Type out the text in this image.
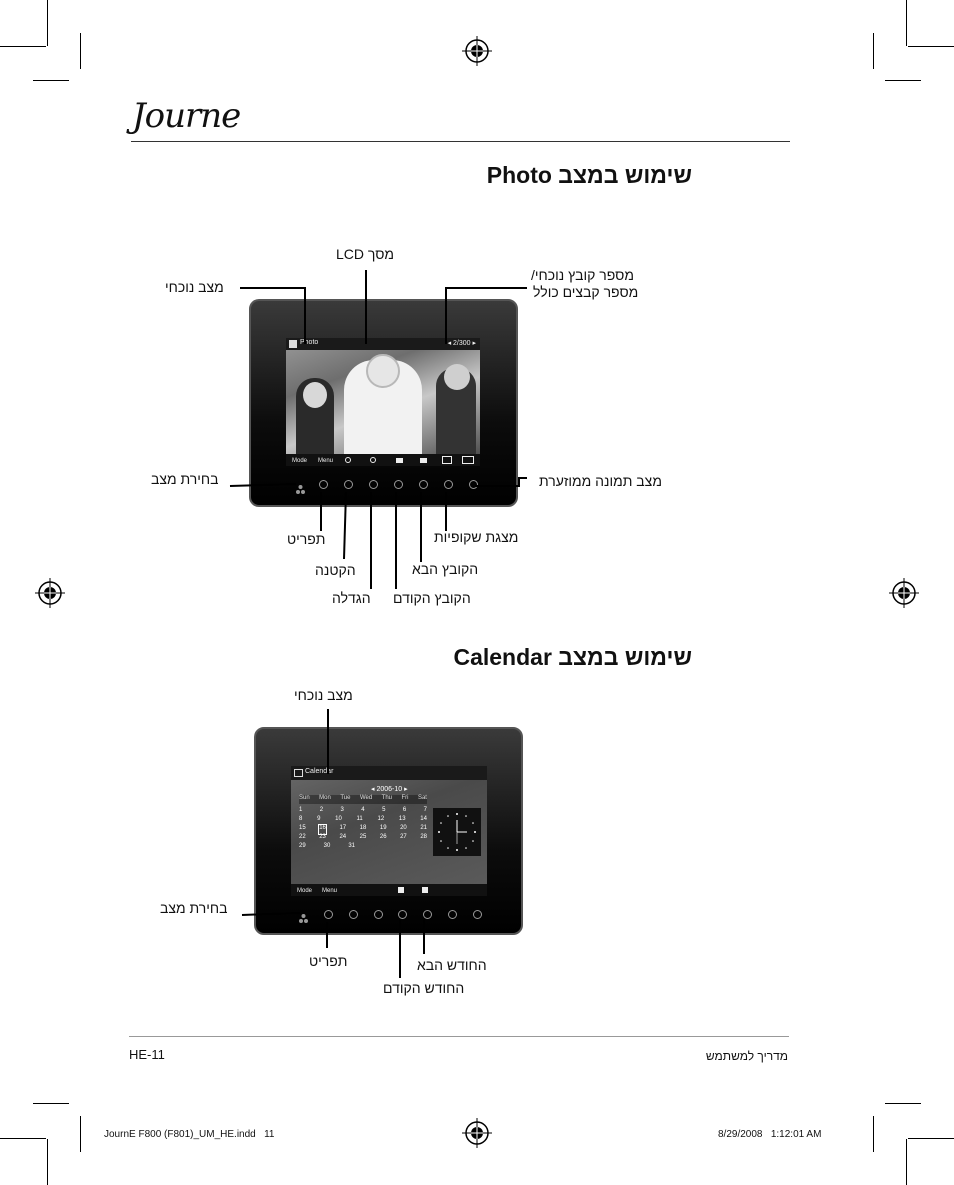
Journe
שימוש במצב Photo
Photo	◂ 2/300 ▸
Mode Menu
מסך LCD
מצב נוכחי
מספר קובץ נוכחי/
מספר קבצים כולל
בחירת מצב	מצב תמונה ממוזערת
תפריט	מצגת שקופיות
הקטנה	הקובץ הבא
הגדלה הקובץ הקודם
שימוש במצב Calendar
Calendar
◂ 2006-10 ▸
Sun Mon Tue Wed Thu Fri Sat
1	2	3	4	5	6	7
8 9 10 11 12 13 14
15 16 17 18 19 20 21
22 23 24 25 26 27 28
29	30	31
Mode Menu
מצב נוכחי
בחירת מצב
תפריט	החודש הבא
החודש הקודם
HE-11	מדריך למשתמש
JournE F800 (F801)_UM_HE.indd   11	8/29/2008   1:12:01 AM
